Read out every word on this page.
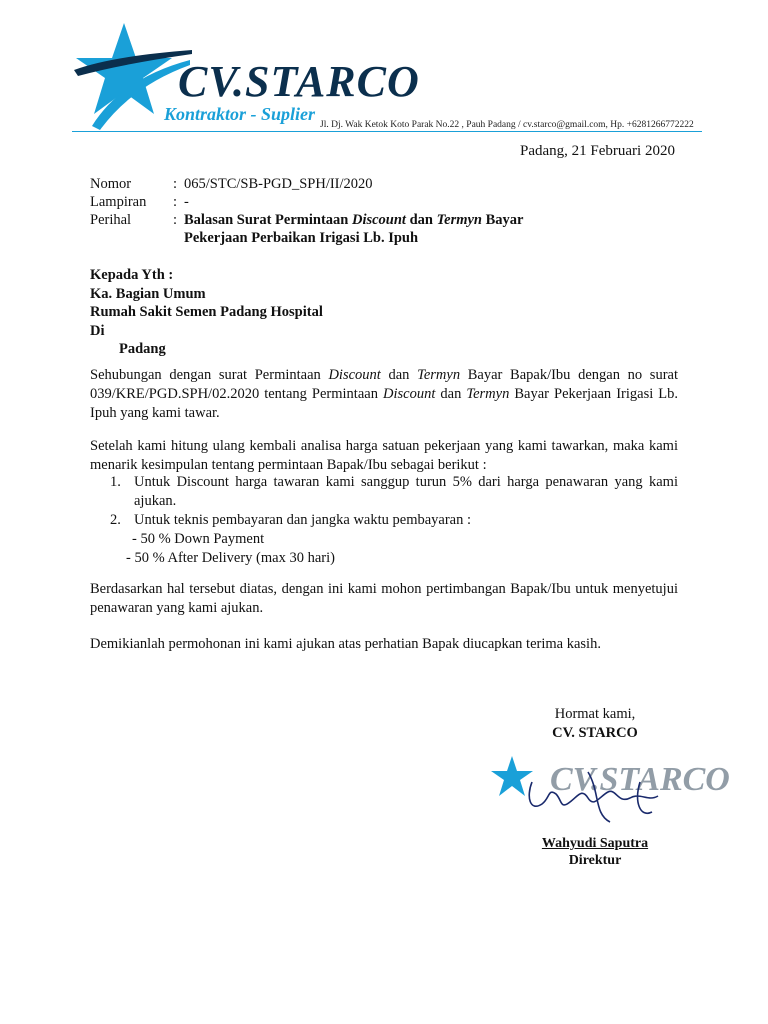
CV.STARCO
Kontraktor - Suplier
Jl. Dj. Wak Ketok Koto Parak No.22 , Pauh Padang / cv.starco@gmail.com, Hp. +6281266772222
Padang, 21 Februari 2020
Nomor	: 065/STC/SB-PGD_SPH/II/2020
Lampiran : -
Perihal	: Balasan Surat Permintaan Discount dan Termyn Bayar
Pekerjaan Perbaikan Irigasi Lb. Ipuh
Kepada Yth :
Ka. Bagian Umum
Rumah Sakit Semen Padang Hospital
Di
Padang
Sehubungan dengan surat Permintaan Discount dan Termyn Bayar Bapak/Ibu dengan no surat 039/KRE/PGD.SPH/02.2020 tentang Permintaan Discount dan Termyn Bayar Pekerjaan Irigasi Lb. Ipuh yang kami tawar.
Setelah kami hitung ulang kembali analisa harga satuan pekerjaan yang kami tawarkan, maka kami menarik kesimpulan tentang permintaan Bapak/Ibu sebagai berikut :
1. Untuk Discount harga tawaran kami sanggup turun 5% dari harga penawaran yang kami ajukan.
2. Untuk teknis pembayaran dan jangka waktu pembayaran :
- 50 % Down Payment
- 50 % After Delivery (max 30 hari)
Berdasarkan hal tersebut diatas, dengan ini kami mohon pertimbangan Bapak/Ibu untuk menyetujui penawaran yang kami ajukan.
Demikianlah permohonan ini kami ajukan atas perhatian Bapak diucapkan terima kasih.
Hormat kami,
CV. STARCO
CV.STARCO
Wahyudi Saputra
Direktur
